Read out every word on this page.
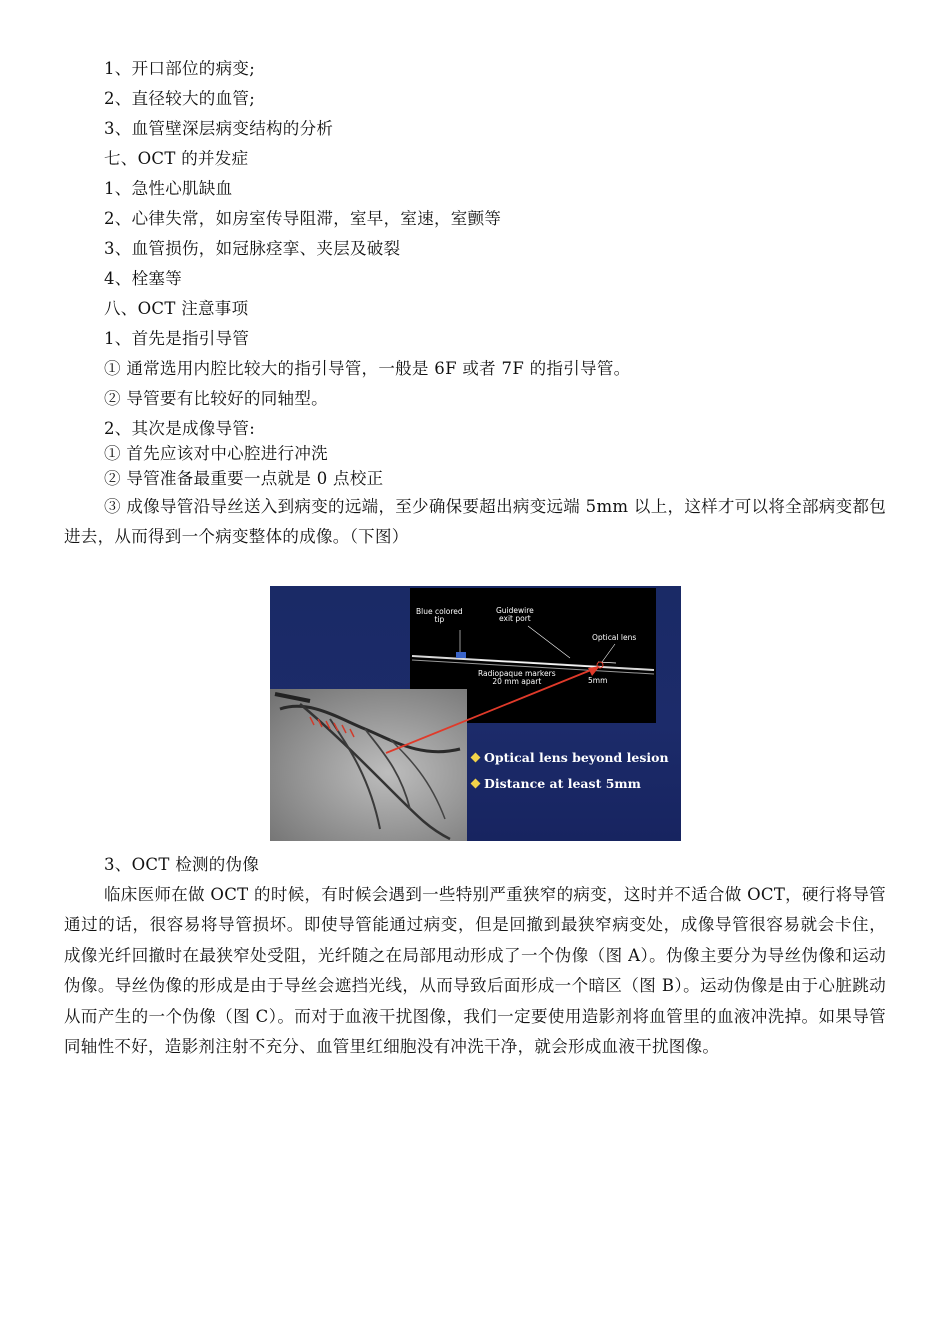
1、开口部位的病变;
2、直径较大的血管;
3、血管壁深层病变结构的分析
七、OCT 的并发症
1、急性心肌缺血
2、心律失常，如房室传导阻滞，室早，室速，室颤等
3、血管损伤，如冠脉痉挛、夹层及破裂
4、栓塞等
八、OCT 注意事项
1、首先是指引导管
① 通常选用内腔比较大的指引导管，一般是 6F 或者 7F 的指引导管。
② 导管要有比较好的同轴型。
2、其次是成像导管:
① 首先应该对中心腔进行冲洗
② 导管准备最重要一点就是 0 点校正
③ 成像导管沿导丝送入到病变的远端，至少确保要超出病变远端 5mm 以上，这样才可以将全部病变都包进去，从而得到一个病变整体的成像。（下图）
Blue colored
tip
Guidewire
exit port
Optical lens
Radiopaque markers
20 mm apart	5mm
Optical lens beyond lesion
Distance at least 5mm
3、OCT 检测的伪像
临床医师在做 OCT 的时候，有时候会遇到一些特别严重狭窄的病变，这时并不适合做 OCT，硬行将导管通过的话，很容易将导管损坏。即使导管能通过病变，但是回撤到最狭窄病变处，成像导管很容易就会卡住，成像光纤回撤时在最狭窄处受阻，光纤随之在局部甩动形成了一个伪像（图 A）。伪像主要分为导丝伪像和运动伪像。导丝伪像的形成是由于导丝会遮挡光线，从而导致后面形成一个暗区（图 B）。运动伪像是由于心脏跳动从而产生的一个伪像（图 C）。而对于血液干扰图像，我们一定要使用造影剂将血管里的血液冲洗掉。如果导管同轴性不好，造影剂注射不充分、血管里红细胞没有冲洗干净，就会形成血液干扰图像。
